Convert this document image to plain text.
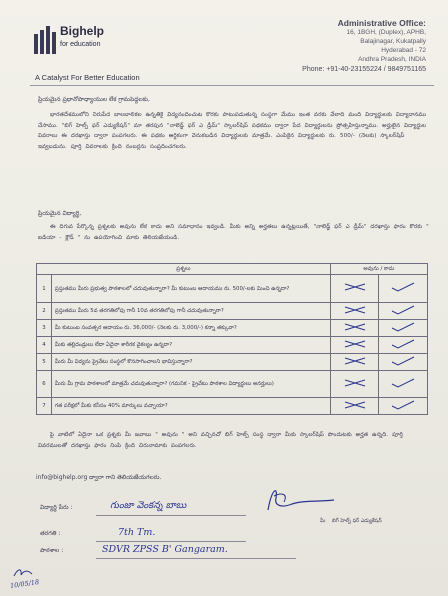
Bighelp
for education
A Catalyst For Better Education
Administrative Office:
16, 1BGH, (Duplex), APHB,
Balajinagar, Kukatpally
Hyderabad - 72
Andhra Pradesh, INDIA
Phone: +91-40-23155224 / 9849751165
ప్రియమైన ప్రధానోపాధ్యాయుల లేక గ్రామపెద్దలకు,
భారతదేశములోని నిరుపేద బాలబాలికల ఉన్నతికై విద్యనందించుట కొరకు పాటుపడుతున్న సంస్థగా మేము ఇంత వరకు వేలాది మంది విద్యార్థులకు విద్యాదానము చేసాము. "బిగ్ హెల్ప్ ఫర్ ఎడ్యుకేషన్" మా తరపున "నాలెడ్జ్ ఫర్ ఎ డ్రీమ్" స్కాలర్‌షిప్ పథకము ద్వారా పేద విద్యార్థులను ప్రోత్సహిస్తున్నాము. అర్హులైన విద్యార్థుల వివరాలు ఈ దరఖాస్తు ద్వారా పంపగలరు. ఈ పథకం ఆర్థికంగా వెనుకబడిన విద్యార్థులకు మాత్రమే. ఎంపికైన విద్యార్థులకు రు. 500/- (నెలకు) స్కాలర్‌షిప్ ఇవ్వబడును. పూర్తి వివరాలకు క్రింది నంబర్లను సంప్రదించగలరు.
ప్రియమైన విద్యార్థి,
ఈ దిగువ పేర్కొన్న ప్రశ్నలకు అవును లేక కాదు అని సమాధానం ఇవ్వండి. మీకు అన్ని అర్హతలు ఉన్నట్లయితే, "నాలెడ్జ్ ఫర్ ఎ డ్రీమ్" దరఖాస్తు ఫారం కొరకు " ఐడియా - క్లౌడ్ " ను ఉపయోగించి మాకు తెలియజేయండి.
ప్రశ్నలు		అవును / కాదు	
1	ప్రస్తుతము మీరు ప్రభుత్వ పాఠశాలలో చదువుతున్నారా? మీ కుటుంబ ఆదాయము రు. 500/-లకు మించి ఉన్నదా?		
2	ప్రస్తుతము మీరు 5వ తరగతిలోపు గానీ 10వ తరగతిలోపు గానీ చదువుతున్నారా?		
3	మీ కుటుంబ సంవత్సర ఆదాయం రు. 36,000/- (నెలకు రు. 3,000/-) కన్నా తక్కువా?		
4	మీకు తల్లిదండ్రులు లేదా ఏదైనా శారీరక వైకల్యం ఉన్నదా?		
5	మీరు మీ విద్యను ప్రైవేటు సంస్థలో కొనసాగించాలని భావిస్తున్నారా?		
6	మీరు మీ గ్రామ పాఠశాలలో మాత్రమే చదువుతున్నారా? (గమనిక - ప్రైవేటు పాఠశాల విద్యార్థులు అనర్హులు)		
7	గత పరీక్షలో మీకు కనీసం 40% మార్కులు వచ్చాయా?		
పై వాటిలో ఏదైనా ఒక ప్రశ్నకు మీ జవాబు " అవును " అని వచ్చినచో బిగ్ హెల్ప్ సంస్థ ద్వారా మీకు స్కాలర్‌షిప్ పొందుటకు అర్హత ఉన్నది. పూర్తి వివరములతో దరఖాస్తు ఫారం నింపి క్రింది చిరునామాకు పంపగలరు.
info@bighelp.org ద్వారా గాని తెలియజేయగలరు.
మీ బిగ్ హెల్ప్ ఫర్ ఎడ్యుకేషన్
విద్యార్థి పేరు :	గుంజా వెంకన్న బాబు
తరగతి :	7th Tm.
పాఠశాల :	SDVR ZPSS B' Gangaram.
10/05/18
